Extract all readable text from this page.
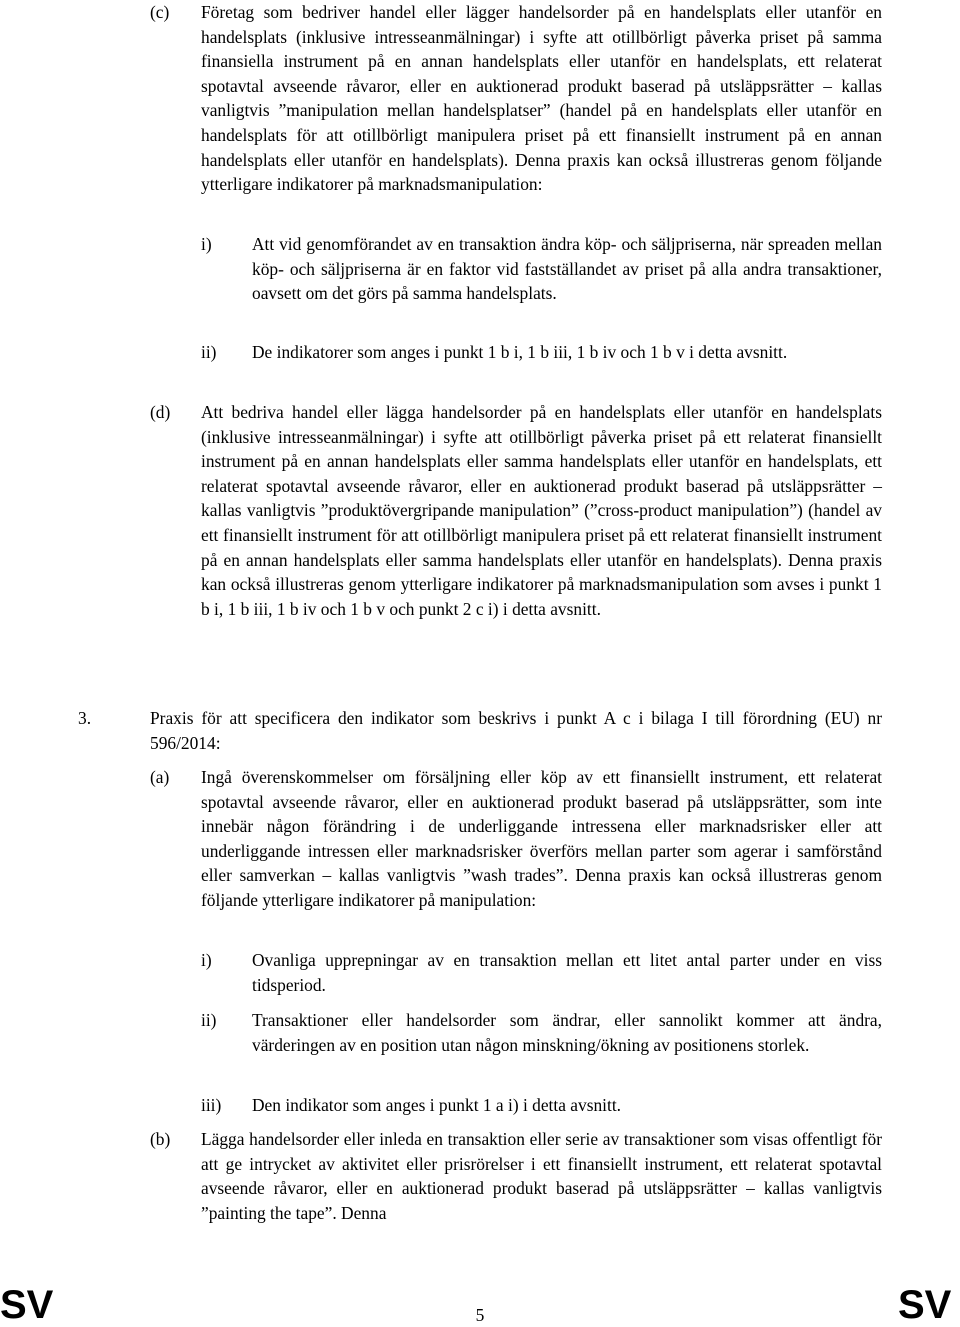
(c) Företag som bedriver handel eller lägger handelsorder på en handelsplats eller utanför en handelsplats (inklusive intresseanmälningar) i syfte att otillbörligt påverka priset på samma finansiella instrument på en annan handelsplats eller utanför en handelsplats, ett relaterat spotavtal avseende råvaror, eller en auktionerad produkt baserad på utsläppsrätter – kallas vanligtvis ”manipulation mellan handelsplatser” (handel på en handelsplats eller utanför en handelsplats för att otillbörligt manipulera priset på ett finansiellt instrument på en annan handelsplats eller utanför en handelsplats). Denna praxis kan också illustreras genom följande ytterligare indikatorer på marknadsmanipulation:
i) Att vid genomförandet av en transaktion ändra köp- och säljpriserna, när spreaden mellan köp- och säljpriserna är en faktor vid fastställandet av priset på alla andra transaktioner, oavsett om det görs på samma handelsplats.
ii) De indikatorer som anges i punkt 1 b i, 1 b iii, 1 b iv och 1 b v i detta avsnitt.
(d) Att bedriva handel eller lägga handelsorder på en handelsplats eller utanför en handelsplats (inklusive intresseanmälningar) i syfte att otillbörligt påverka priset på ett relaterat finansiellt instrument på en annan handelsplats eller samma handelsplats eller utanför en handelsplats, ett relaterat spotavtal avseende råvaror, eller en auktionerad produkt baserad på utsläppsrätter – kallas vanligtvis ”produktövergripande manipulation” (”cross-product manipulation”) (handel av ett finansiellt instrument för att otillbörligt manipulera priset på ett relaterat finansiellt instrument på en annan handelsplats eller samma handelsplats eller utanför en handelsplats). Denna praxis kan också illustreras genom ytterligare indikatorer på marknadsmanipulation som avses i punkt 1 b i, 1 b iii, 1 b iv och 1 b v och punkt 2 c i) i detta avsnitt.
3.	Praxis för att specificera den indikator som beskrivs i punkt A c i bilaga I till förordning (EU) nr 596/2014:
(a) Ingå överenskommelser om försäljning eller köp av ett finansiellt instrument, ett relaterat spotavtal avseende råvaror, eller en auktionerad produkt baserad på utsläppsrätter, som inte innebär någon förändring i de underliggande intressena eller marknadsrisker eller att underliggande intressen eller marknadsrisker överförs mellan parter som agerar i samförstånd eller samverkan – kallas vanligtvis ”wash trades”. Denna praxis kan också illustreras genom följande ytterligare indikatorer på manipulation:
i) Ovanliga upprepningar av en transaktion mellan ett litet antal parter under en viss tidsperiod.
ii) Transaktioner eller handelsorder som ändrar, eller sannolikt kommer att ändra, värderingen av en position utan någon minskning/ökning av positionens storlek.
iii) Den indikator som anges i punkt 1 a i) i detta avsnitt.
(b) Lägga handelsorder eller inleda en transaktion eller serie av transaktioner som visas offentligt för att ge intrycket av aktivitet eller prisrörelser i ett finansiellt instrument, ett relaterat spotavtal avseende råvaror, eller en auktionerad produkt baserad på utsläppsrätter – kallas vanligtvis ”painting the tape”. Denna
SV	5	SV
